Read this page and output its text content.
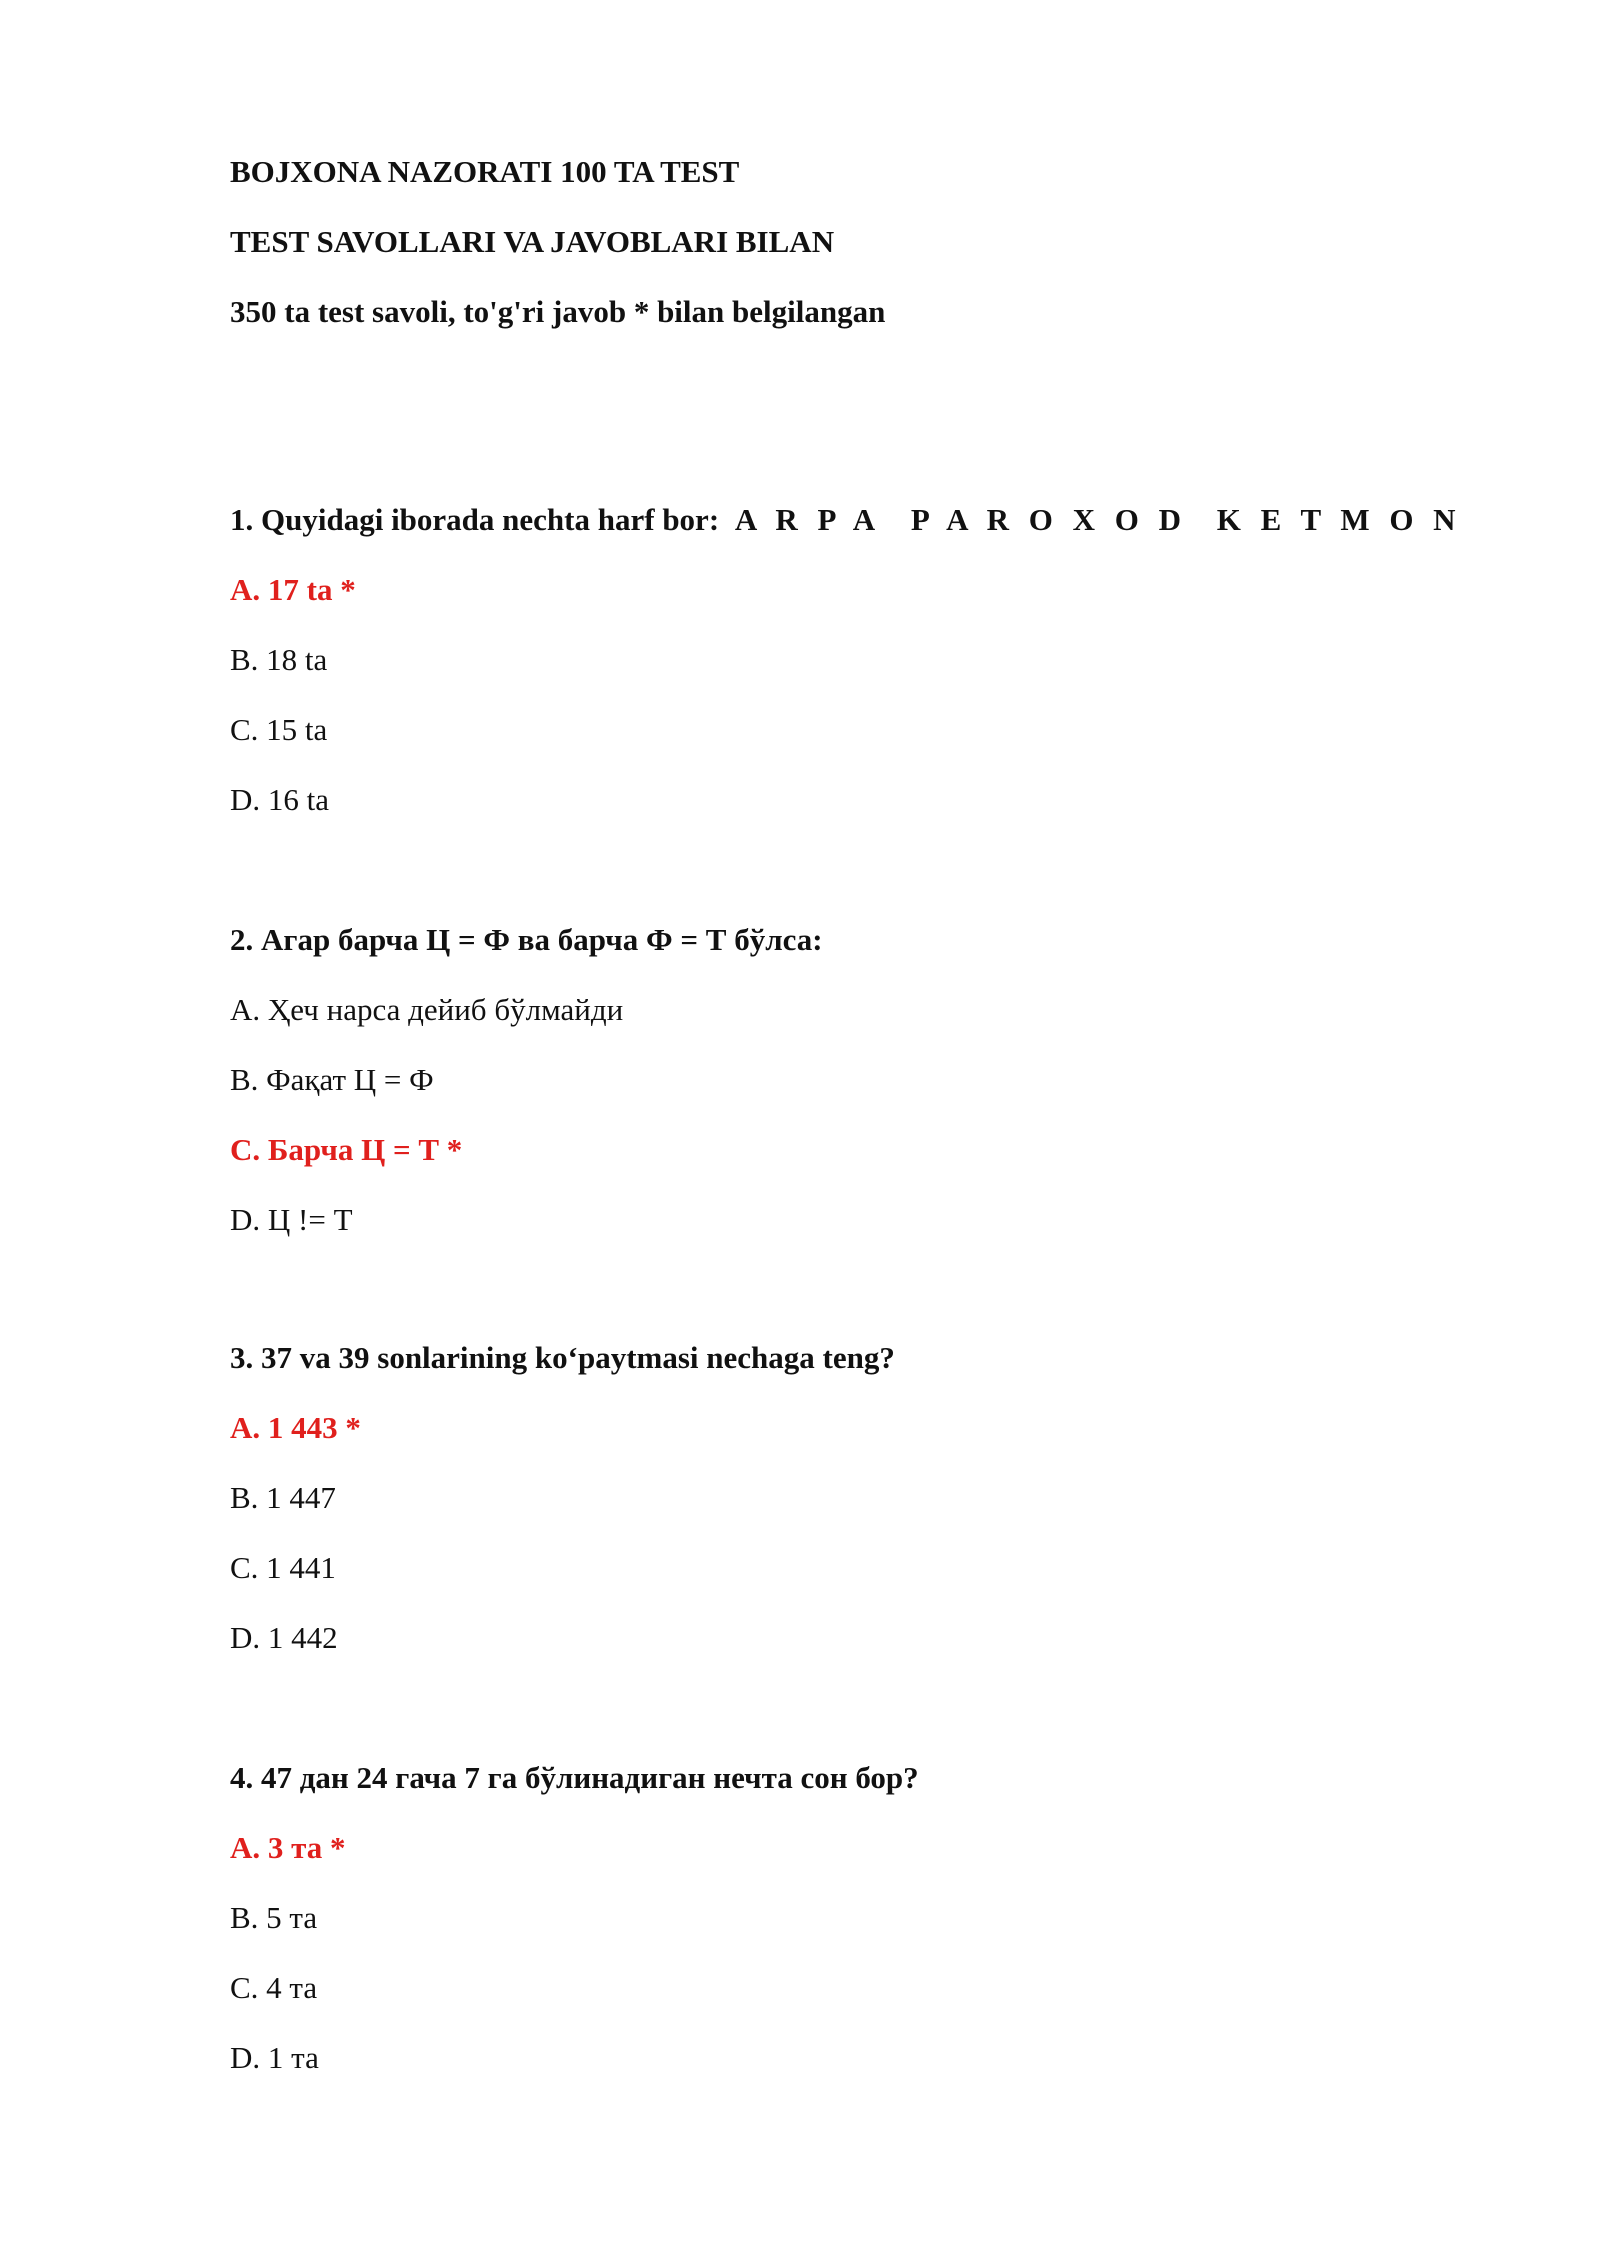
BOJXONA NAZORATI 100 TA TEST
TEST SAVOLLARI VA JAVOBLARI BILAN
350 ta test savoli, to'g'ri javob * bilan belgilangan
1. Quyidagi iborada nechta harf bor: A R P A P A R O X O D K E T M O N
A. 17 ta *
B. 18 ta
C. 15 ta
D. 16 ta
2. Агар барча Ц = Ф ва барча Ф = Т бўлса:
A. Ҳеч нарса дейиб бўлмайди
B. Фақат Ц = Ф
C. Барча Ц = Т *
D. Ц != Т
3. 37 va 39 sonlarining ko‘paytmasi nechaga teng?
A. 1 443 *
B. 1 447
C. 1 441
D. 1 442
4. 47 дан 24 гача 7 га бўлинадиган нечта сон бор?
A. 3 та *
B. 5 та
C. 4 та
D. 1 та
